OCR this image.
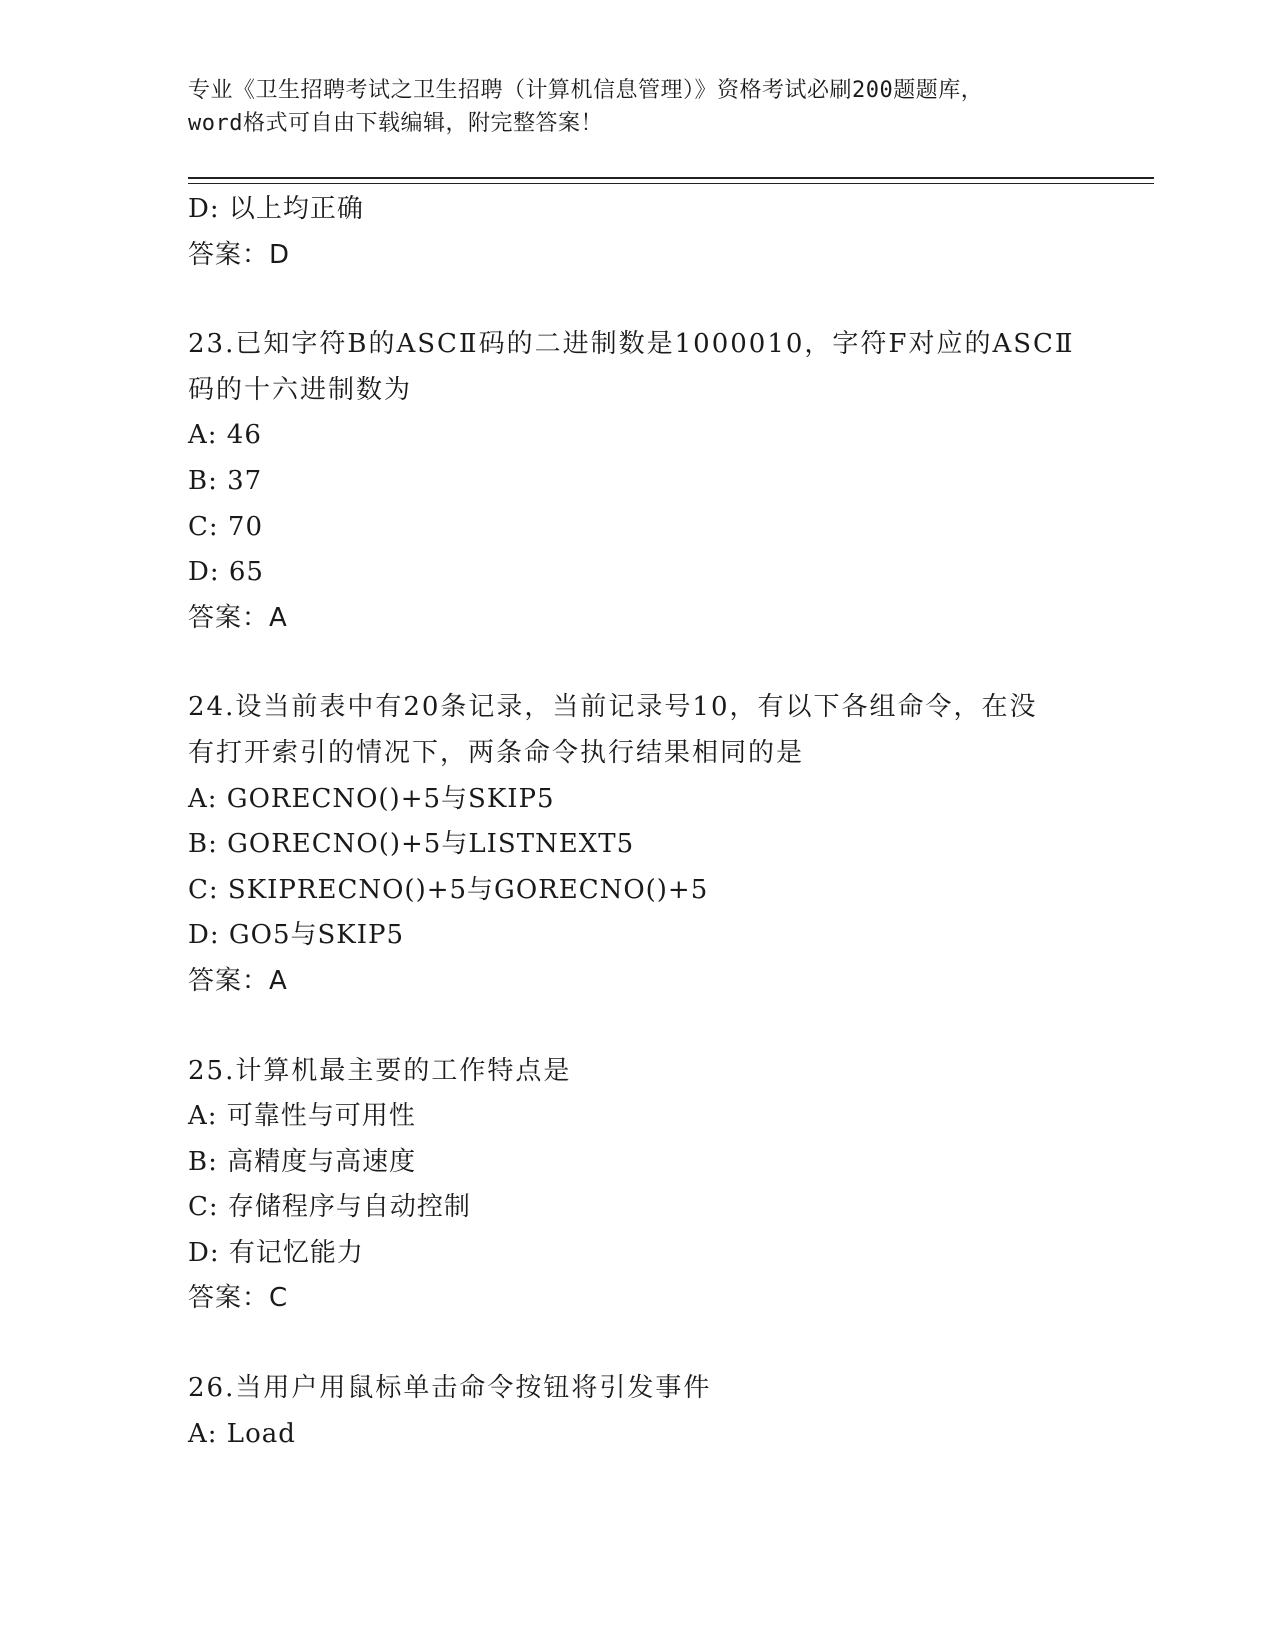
专业《卫生招聘考试之卫生招聘（计算机信息管理）》资格考试必刷200题题库，
word格式可自由下载编辑，附完整答案！
D: 以上均正确
答案：D
23.已知字符B的ASCⅡ码的二进制数是1000010，字符F对应的ASCⅡ
码的十六进制数为
A: 46
B: 37
C: 70
D: 65
答案：A
24.设当前表中有20条记录，当前记录号10，有以下各组命令，在没
有打开索引的情况下，两条命令执行结果相同的是
A: GORECNO()+5与SKIP5
B: GORECNO()+5与LISTNEXT5
C: SKIPRECNO()+5与GORECNO()+5
D: GO5与SKIP5
答案：A
25.计算机最主要的工作特点是
A: 可靠性与可用性
B: 高精度与高速度
C: 存储程序与自动控制
D: 有记忆能力
答案：C
26.当用户用鼠标单击命令按钮将引发事件
A: Load
